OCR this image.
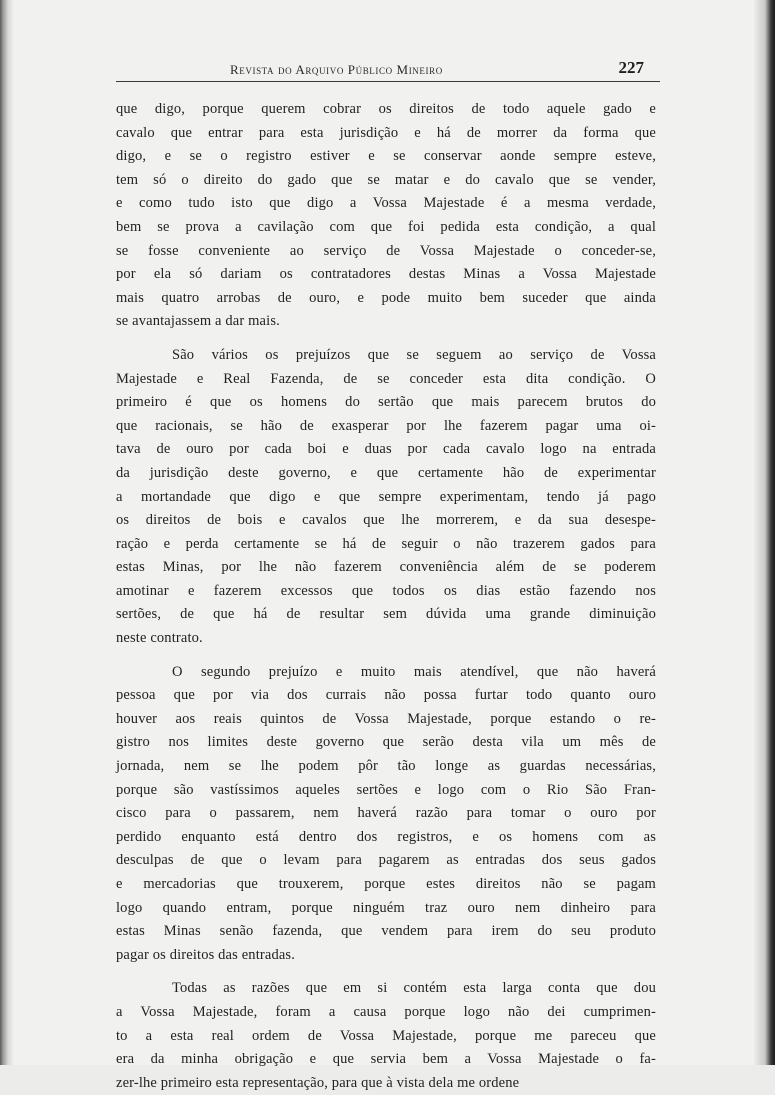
Revista do Arquivo Público Mineiro	227
que digo, porque querem cobrar os direitos de todo aquele gado e
cavalo que entrar para esta jurisdição e há de morrer da forma que
digo, e se o registro estiver e se conservar aonde sempre esteve,
tem só o direito do gado que se matar e do cavalo que se vender,
e como tudo isto que digo a Vossa Majestade é a mesma verdade,
bem se prova a cavilação com que foi pedida esta condição, a qual
se fosse conveniente ao serviço de Vossa Majestade o conceder-se,
por ela só dariam os contratadores destas Minas a Vossa Majestade
mais quatro arrobas de ouro, e pode muito bem suceder que ainda
se avantajassem a dar mais.
São vários os prejuízos que se seguem ao serviço de Vossa
Majestade e Real Fazenda, de se conceder esta dita condição. O
primeiro é que os homens do sertão que mais parecem brutos do
que racionais, se hão de exasperar por lhe fazerem pagar uma oi-
tava de ouro por cada boi e duas por cada cavalo logo na entrada
da jurisdição deste governo, e que certamente hão de experimentar
a mortandade que digo e que sempre experimentam, tendo já pago
os direitos de bois e cavalos que lhe morrerem, e da sua desespe-
ração e perda certamente se há de seguir o não trazerem gados para
estas Minas, por lhe não fazerem conveniência além de se poderem
amotinar e fazerem excessos que todos os dias estão fazendo nos
sertões, de que há de resultar sem dúvida uma grande diminuição
neste contrato.
O segundo prejuízo e muito mais atendível, que não haverá
pessoa que por via dos currais não possa furtar todo quanto ouro
houver aos reais quintos de Vossa Majestade, porque estando o re-
gistro nos limites deste governo que serão desta vila um mês de
jornada, nem se lhe podem pôr tão longe as guardas necessárias,
porque são vastíssimos aqueles sertões e logo com o Rio São Fran-
cisco para o passarem, nem haverá razão para tomar o ouro por
perdido enquanto está dentro dos registros, e os homens com as
desculpas de que o levam para pagarem as entradas dos seus gados
e mercadorias que trouxerem, porque estes direitos não se pagam
logo quando entram, porque ninguém traz ouro nem dinheiro para
estas Minas senão fazenda, que vendem para irem do seu produto
pagar os direitos das entradas.
Todas as razões que em si contém esta larga conta que dou
a Vossa Majestade, foram a causa porque logo não dei cumprimen-
to a esta real ordem de Vossa Majestade, porque me pareceu que
era da minha obrigação e que servia bem a Vossa Majestade o fa-
zer-lhe primeiro esta representação, para que à vista dela me ordene
